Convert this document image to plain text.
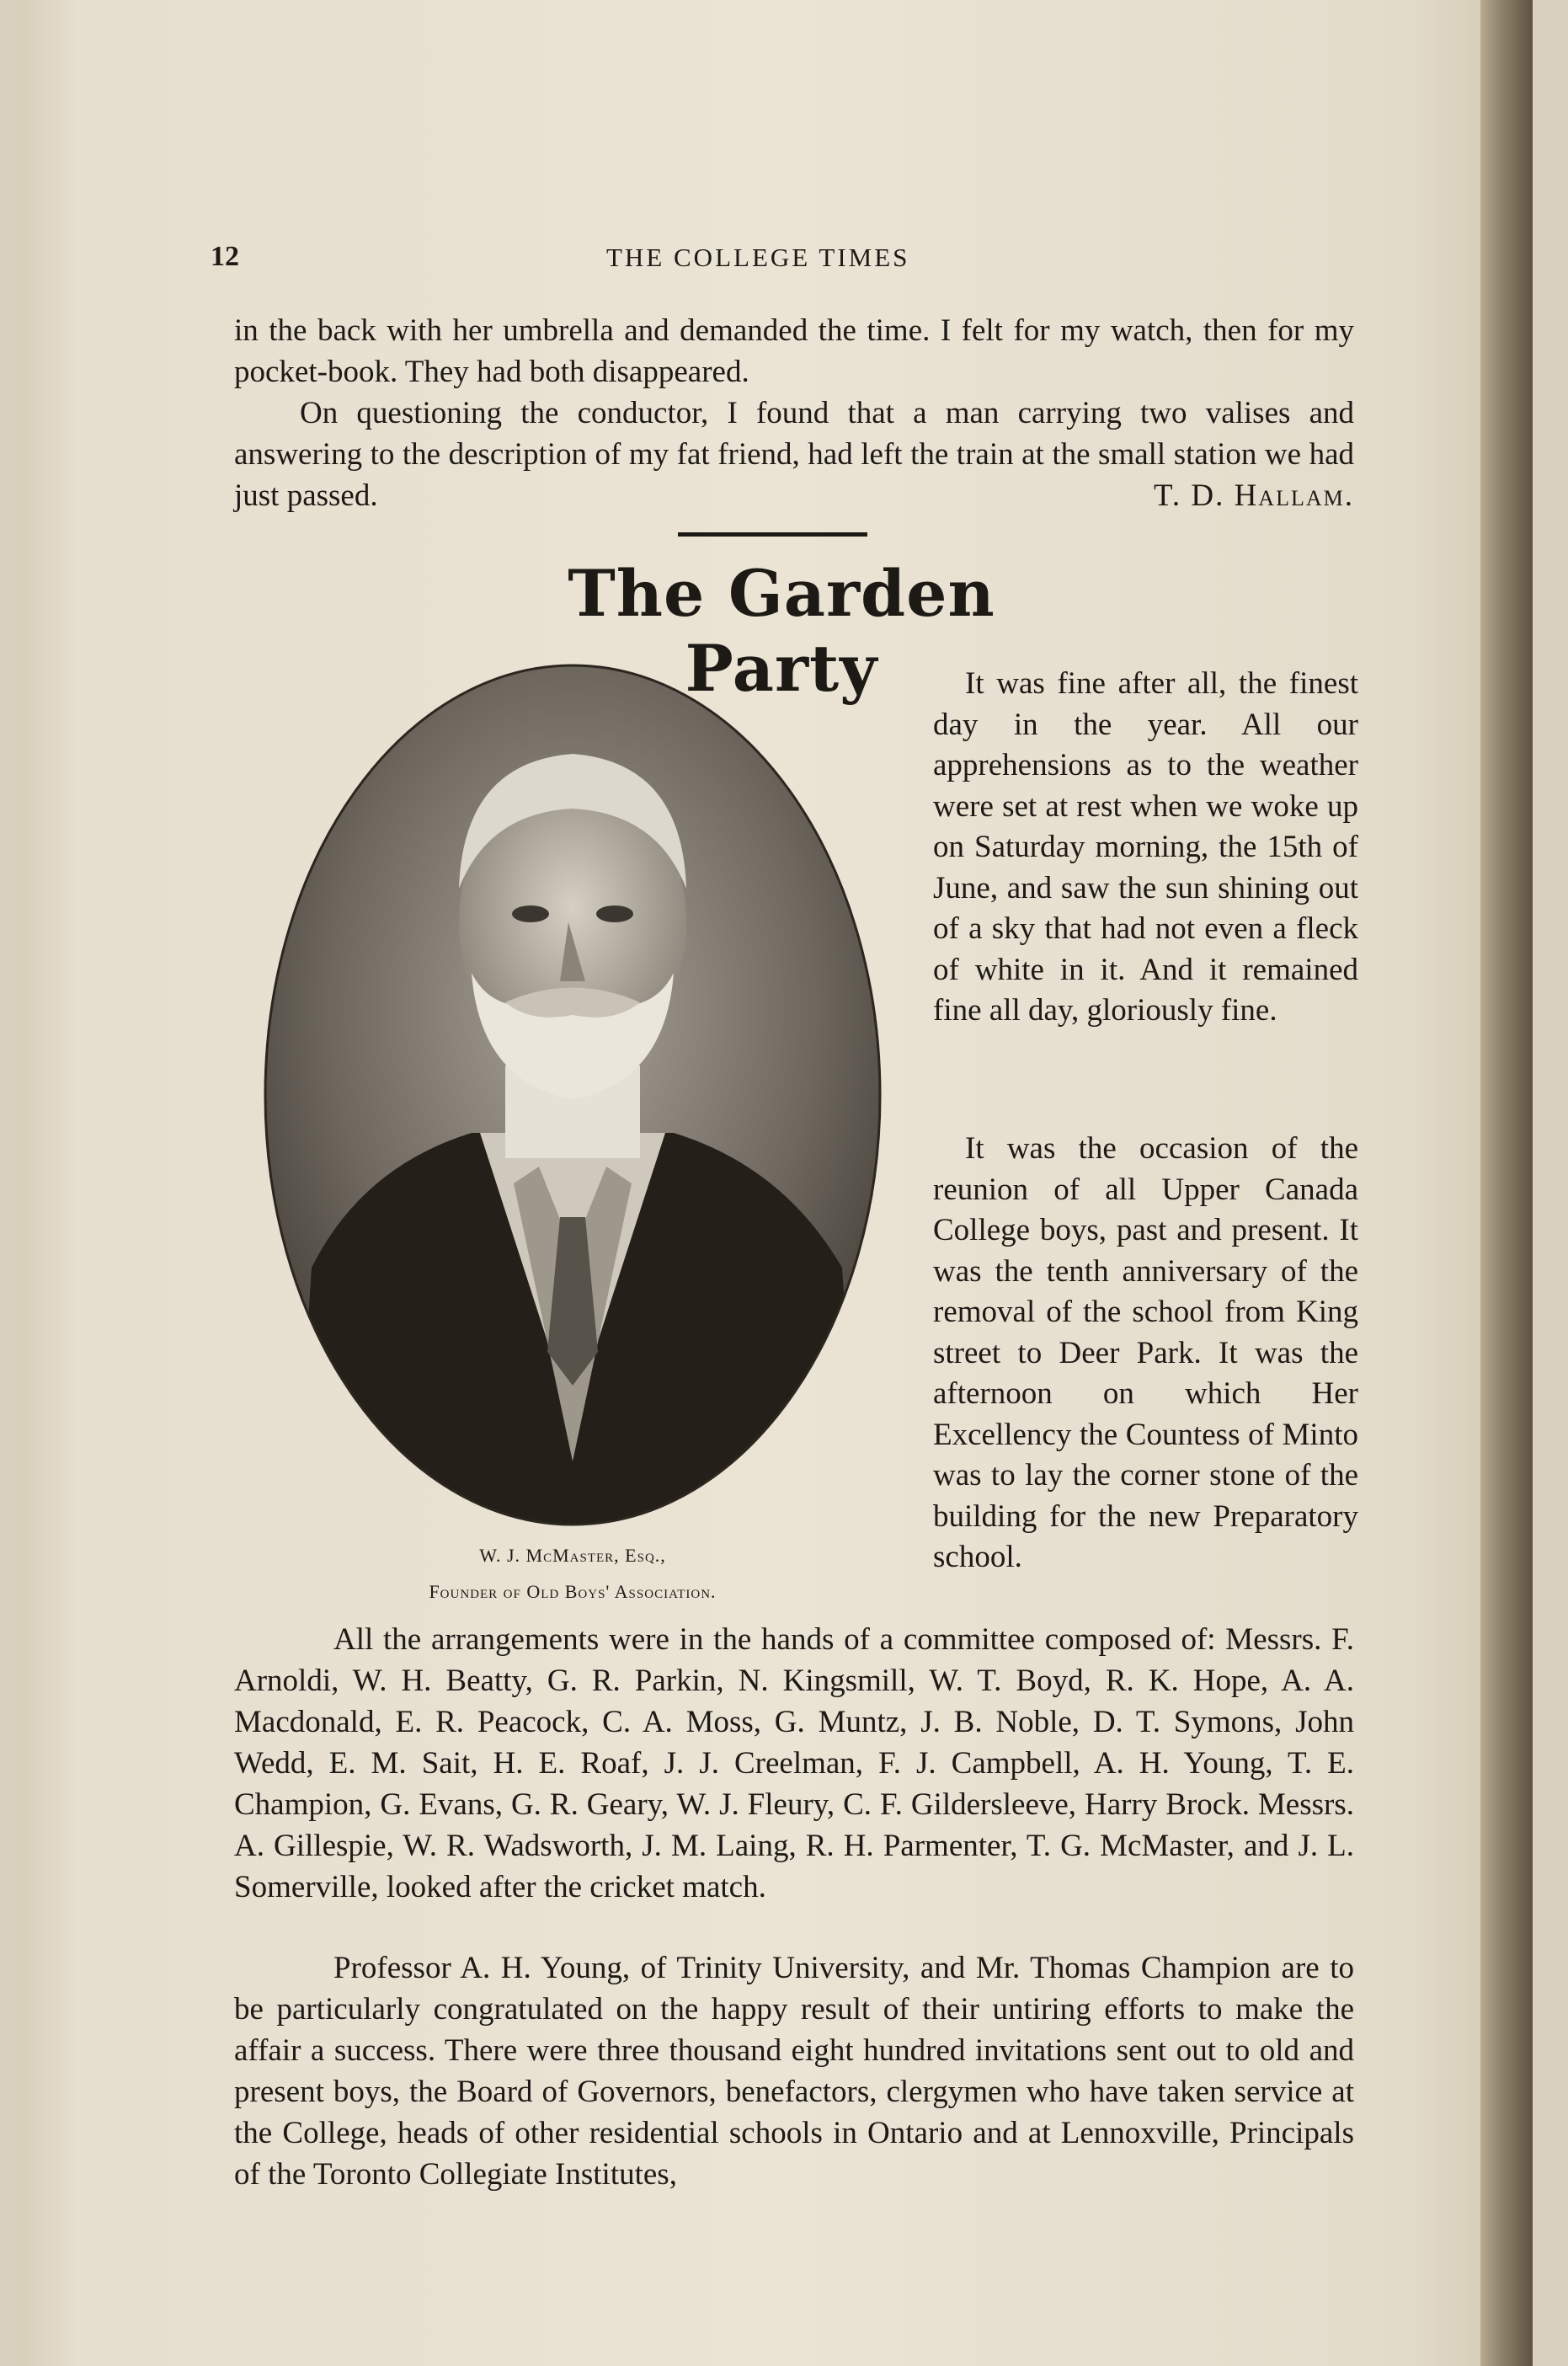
12	THE COLLEGE TIMES

in the back with her umbrella and demanded the time. I felt for my watch, then for my pocket-book. They had both disappeared.

On questioning the conductor, I found that a man carrying two valises and answering to the description of my fat friend, had left the train at the small station we had just passed.	T. D. Hallam.

The Garden Party
W. J. McMaster, Esq.,
Founder of Old Boys' Association.

It was fine after all, the finest day in the year. All our apprehensions as to the weather were set at rest when we woke up on Saturday morning, the 15th of June, and saw the sun shining out of a sky that had not even a fleck of white in it. And it remained fine all day, gloriously fine.

It was the occasion of the reunion of all Upper Canada College boys, past and present. It was the tenth anniversary of the removal of the school from King street to Deer Park. It was the afternoon on which Her Excellency the Countess of Minto was to lay the corner stone of the building for the new Preparatory school.

All the arrangements were in the hands of a committee composed of: Messrs. F. Arnoldi, W. H. Beatty, G. R. Parkin, N. Kingsmill, W. T. Boyd, R. K. Hope, A. A. Macdonald, E. R. Peacock, C. A. Moss, G. Muntz, J. B. Noble, D. T. Symons, John Wedd, E. M. Sait, H. E. Roaf, J. J. Creelman, F. J. Campbell, A. H. Young, T. E. Champion, G. Evans, G. R. Geary, W. J. Fleury, C. F. Gildersleeve, Harry Brock. Messrs. A. Gillespie, W. R. Wadsworth, J. M. Laing, R. H. Parmenter, T. G. McMaster, and J. L. Somerville, looked after the cricket match.

Professor A. H. Young, of Trinity University, and Mr. Thomas Champion are to be particularly congratulated on the happy result of their untiring efforts to make the affair a success. There were three thousand eight hundred invitations sent out to old and present boys, the Board of Governors, benefactors, clergymen who have taken service at the College, heads of other residential schools in Ontario and at Lennoxville, Principals of the Toronto Collegiate Institutes,
